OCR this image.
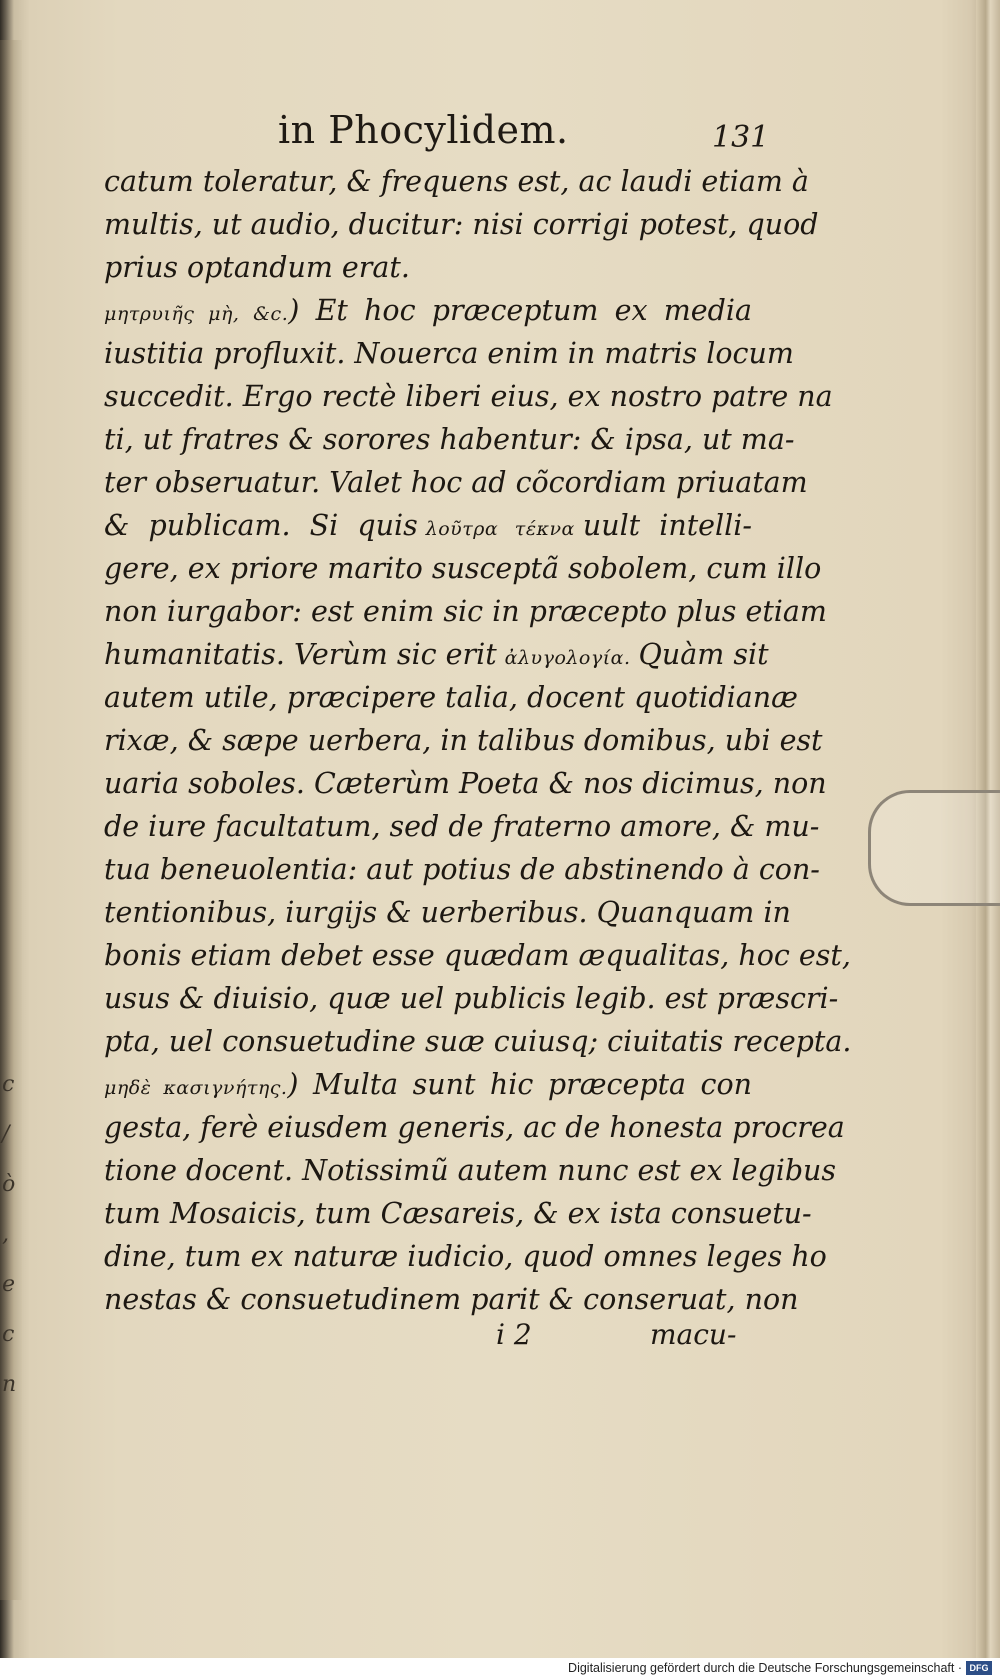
c
/
ò
,
e
c
n
in Phocylidem.	131
catum toleratur, & frequens est, ac laudi etiam à
multis, ut audio, ducitur: nisi corrigi potest, quod
prius optandum erat.
μητρυιῆς μὴ, &c.) Et hoc præceptum ex media
iustitia profluxit. Nouerca enim in matris locum
succedit. Ergo rectè liberi eius, ex nostro patre na
ti, ut fratres & sorores habentur: & ipsa, ut ma-
ter obseruatur. Valet hoc ad cõcordiam priuatam
& publicam. Si quis λοῦτρα τέκνα uult intelli-
gere, ex priore marito susceptã sobolem, cum illo
non iurgabor: est enim sic in præcepto plus etiam
humanitatis. Verùm sic erit ἀλυγολογία. Quàm sit
autem utile, præcipere talia, docent quotidianæ
rixæ, & sæpe uerbera, in talibus domibus, ubi est
uaria soboles. Cæterùm Poeta & nos dicimus, non
de iure facultatum, sed de fraterno amore, & mu-
tua beneuolentia: aut potius de abstinendo à con-
tentionibus, iurgijs & uerberibus. Quanquam in
bonis etiam debet esse quædam æqualitas, hoc est,
usus & diuisio, quæ uel publicis legib. est præscri-
pta, uel consuetudine suæ cuiusq; ciuitatis recepta.
μηδὲ κασιγνήτης.) Multa sunt hic præcepta con
gesta, ferè eiusdem generis, ac de honesta procrea
tione docent. Notissimũ autem nunc est ex legibus
tum Mosaicis, tum Cæsareis, & ex ista consuetu-
dine, tum ex naturæ iudicio, quod omnes leges ho
nestas & consuetudinem parit & conseruat, non
i 2	macu-
Digitalisierung gefördert durch die Deutsche Forschungsgemeinschaft · DFG
